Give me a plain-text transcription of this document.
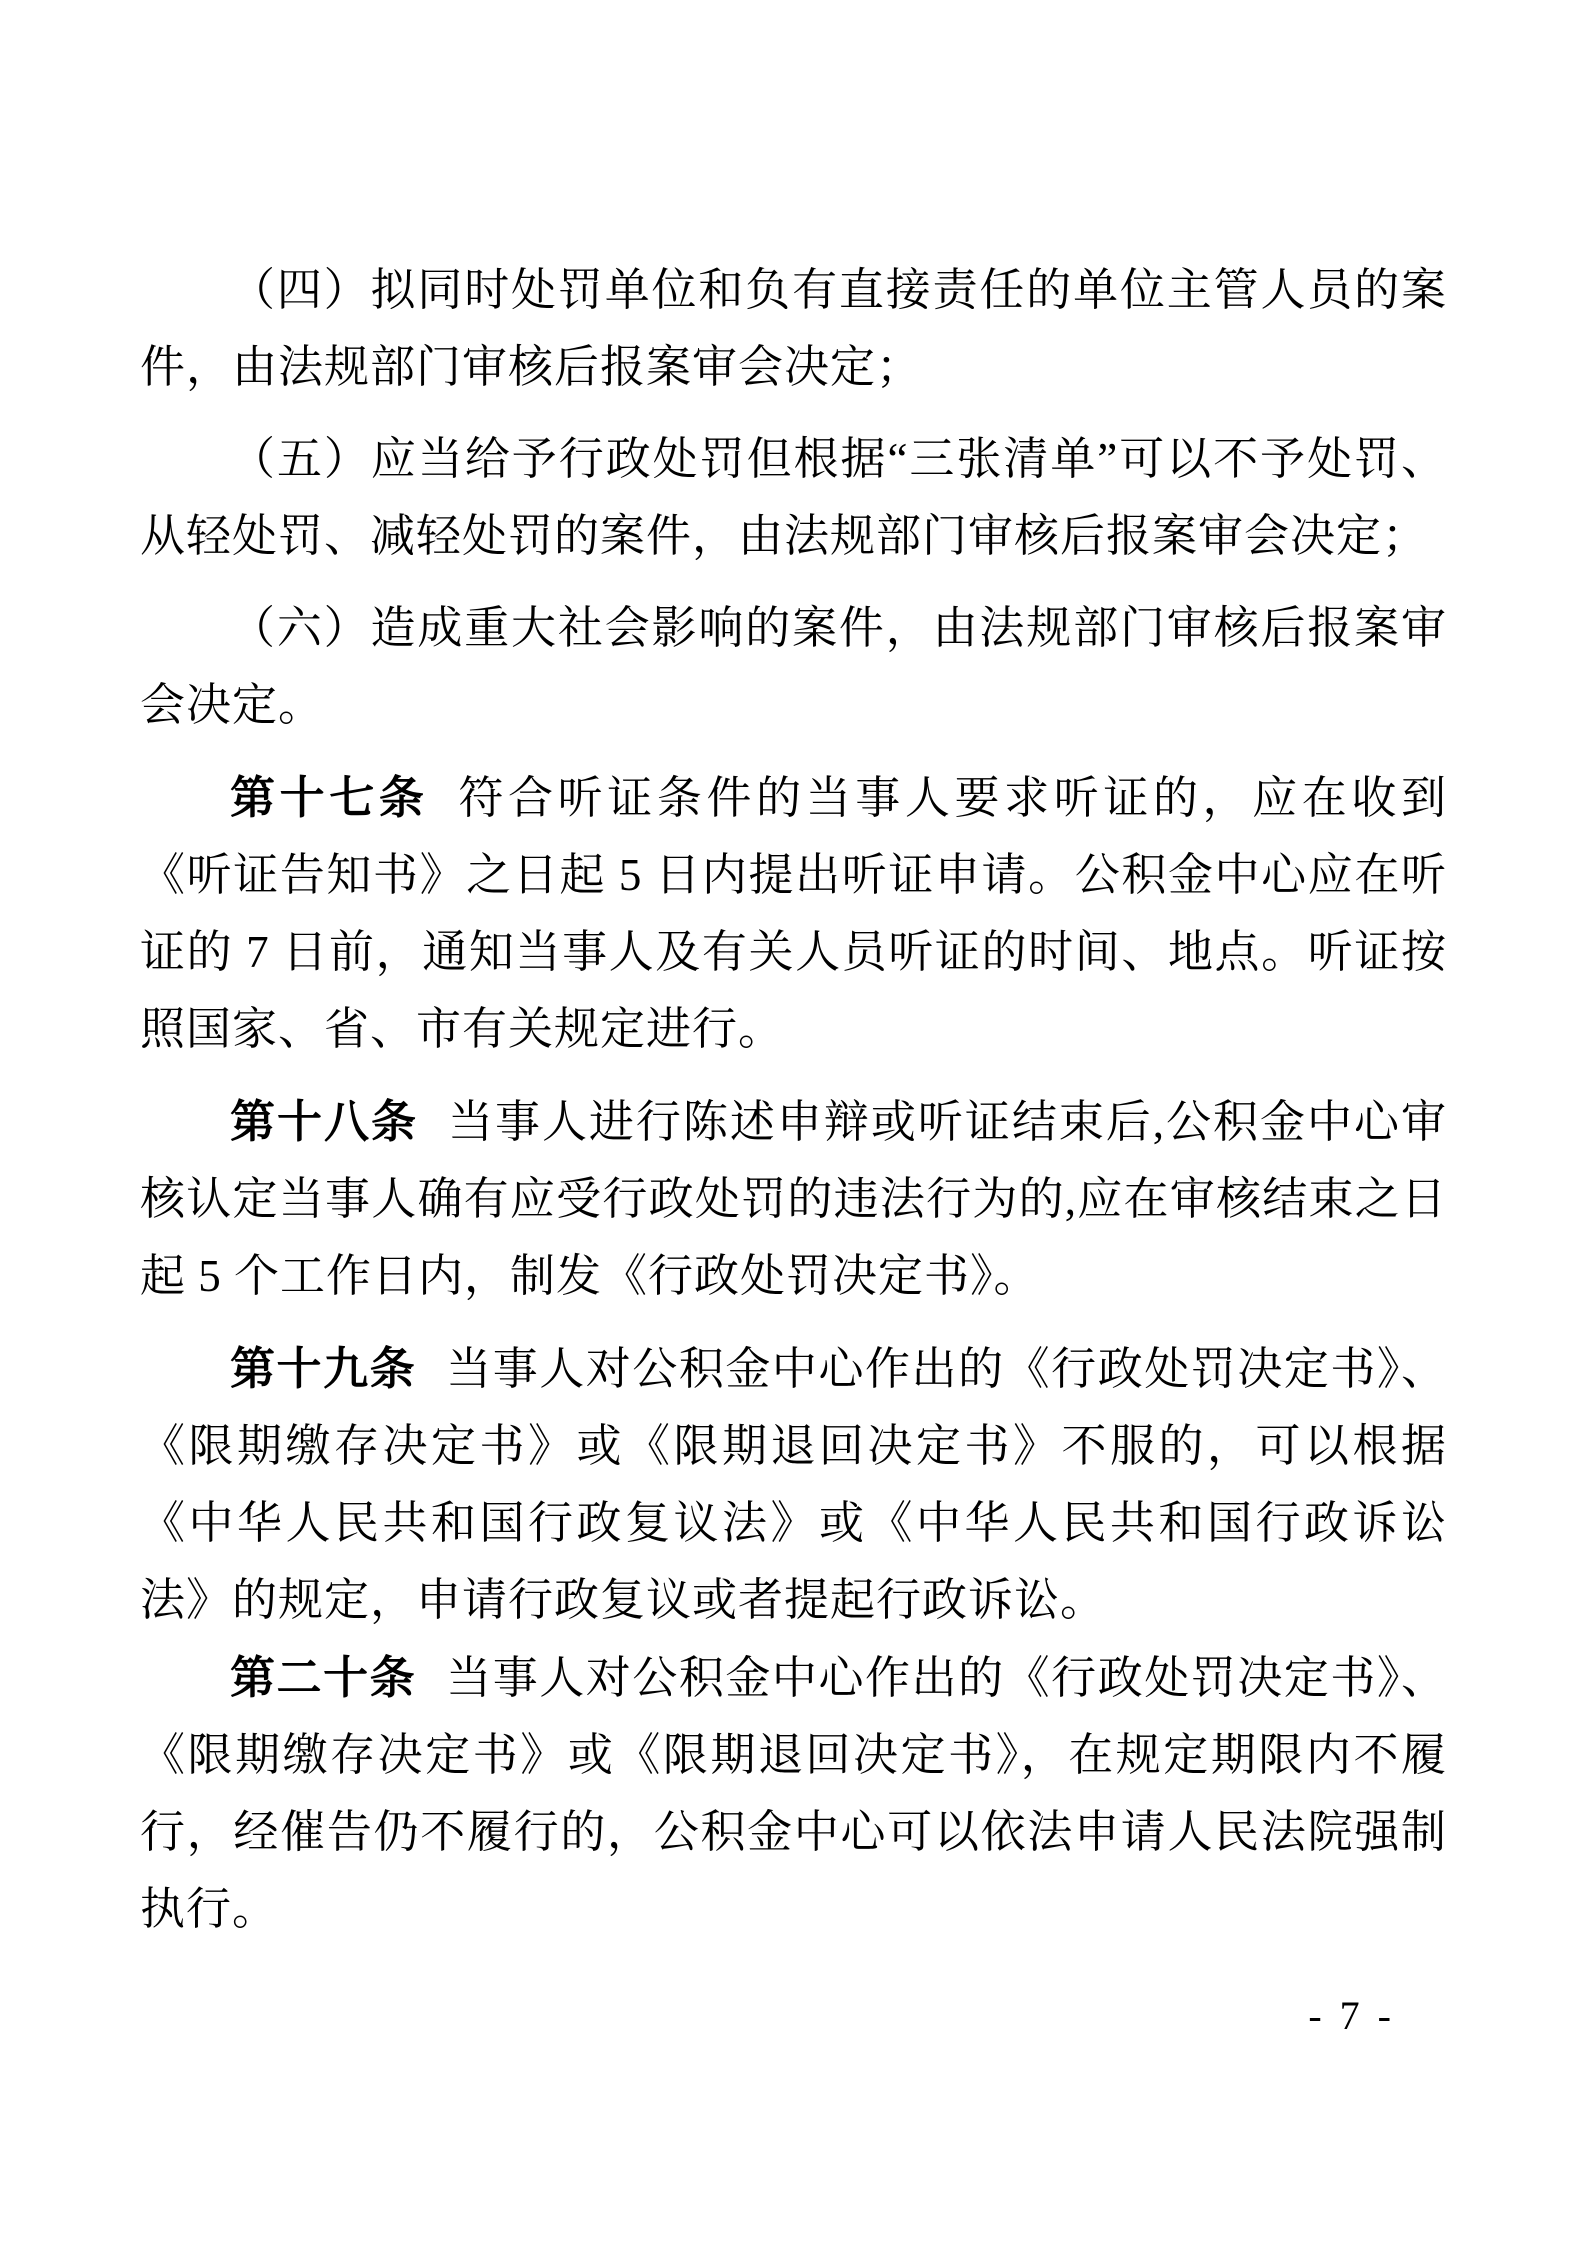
（四）拟同时处罚单位和负有直接责任的单位主管人员的案件，由法规部门审核后报案审会决定；

（五）应当给予行政处罚但根据“三张清单”可以不予处罚、从轻处罚、减轻处罚的案件，由法规部门审核后报案审会决定；

（六）造成重大社会影响的案件，由法规部门审核后报案审会决定。

第十七条 符合听证条件的当事人要求听证的，应在收到《听证告知书》之日起 5 日内提出听证申请。公积金中心应在听证的 7 日前，通知当事人及有关人员听证的时间、地点。听证按照国家、省、市有关规定进行。

第十八条 当事人进行陈述申辩或听证结束后,公积金中心审核认定当事人确有应受行政处罚的违法行为的,应在审核结束之日起 5 个工作日内，制发《行政处罚决定书》。

第十九条 当事人对公积金中心作出的《行政处罚决定书》、《限期缴存决定书》或《限期退回决定书》不服的，可以根据《中华人民共和国行政复议法》或《中华人民共和国行政诉讼法》的规定，申请行政复议或者提起行政诉讼。

第二十条 当事人对公积金中心作出的《行政处罚决定书》、《限期缴存决定书》或《限期退回决定书》，在规定期限内不履行，经催告仍不履行的，公积金中心可以依法申请人民法院强制执行。

- 7 -
